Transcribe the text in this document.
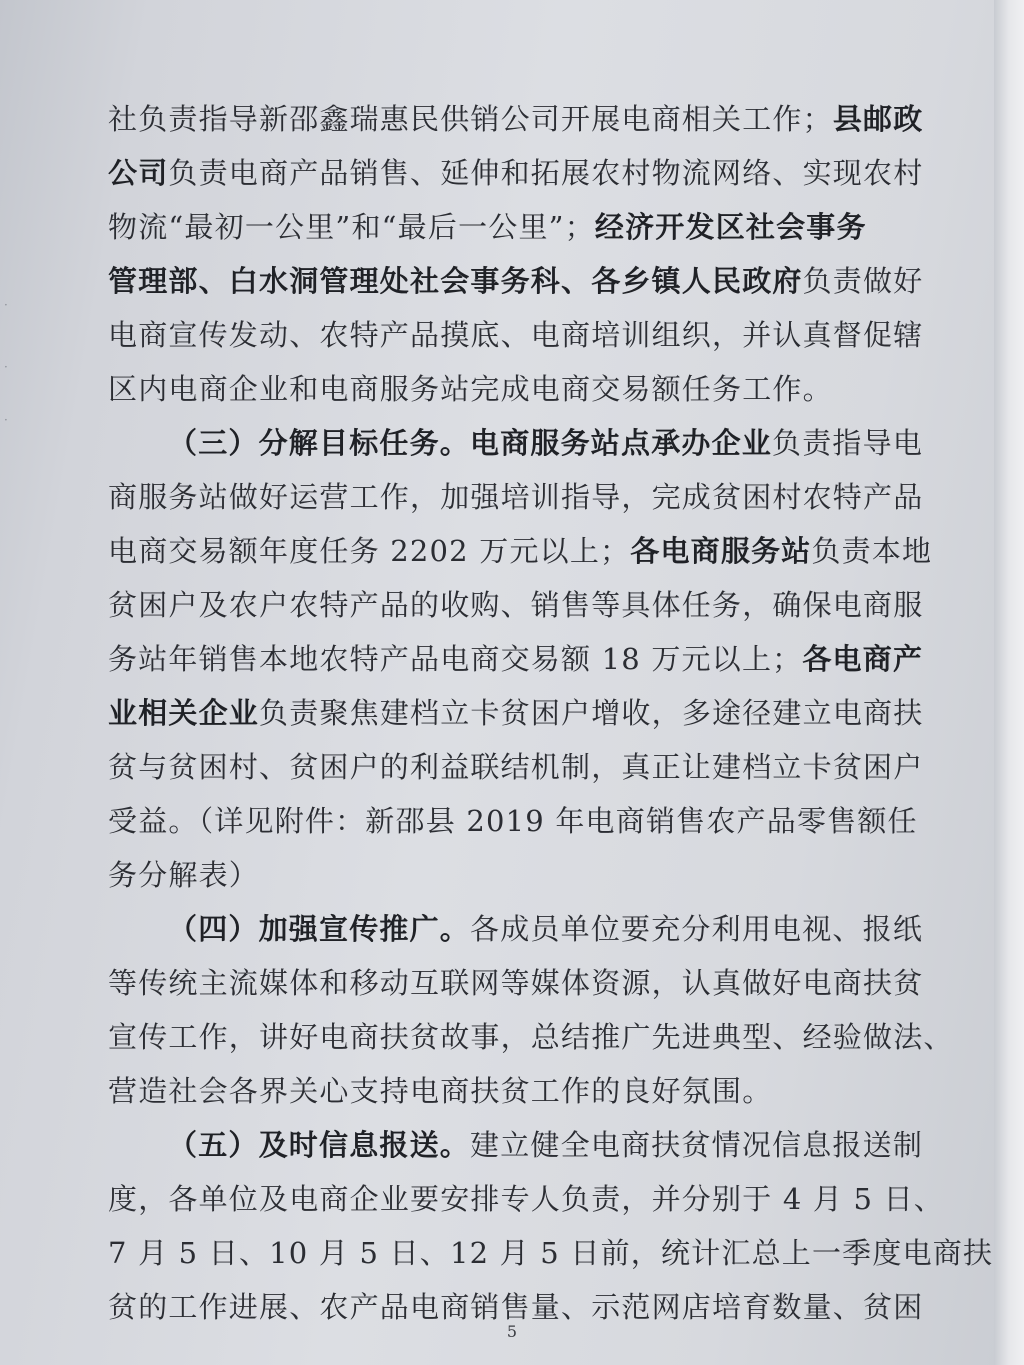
·
·
·
社负责指导新邵鑫瑞惠民供销公司开展电商相关工作；县邮政
公司负责电商产品销售、延伸和拓展农村物流网络、实现农村
物流“最初一公里”和“最后一公里”；经济开发区社会事务
管理部、白水洞管理处社会事务科、各乡镇人民政府负责做好
电商宣传发动、农特产品摸底、电商培训组织，并认真督促辖
区内电商企业和电商服务站完成电商交易额任务工作。
（三）分解目标任务。电商服务站点承办企业负责指导电
商服务站做好运营工作，加强培训指导，完成贫困村农特产品
电商交易额年度任务 2202 万元以上；各电商服务站负责本地
贫困户及农户农特产品的收购、销售等具体任务，确保电商服
务站年销售本地农特产品电商交易额 18 万元以上；各电商产
业相关企业负责聚焦建档立卡贫困户增收，多途径建立电商扶
贫与贫困村、贫困户的利益联结机制，真正让建档立卡贫困户
受益。（详见附件：新邵县 2019 年电商销售农产品零售额任
务分解表）
（四）加强宣传推广。各成员单位要充分利用电视、报纸
等传统主流媒体和移动互联网等媒体资源，认真做好电商扶贫
宣传工作，讲好电商扶贫故事，总结推广先进典型、经验做法、
营造社会各界关心支持电商扶贫工作的良好氛围。
（五）及时信息报送。建立健全电商扶贫情况信息报送制
度，各单位及电商企业要安排专人负责，并分别于 4 月 5 日、
7 月 5 日、10 月 5 日、12 月 5 日前，统计汇总上一季度电商扶
贫的工作进展、农产品电商销售量、示范网店培育数量、贫困
5
